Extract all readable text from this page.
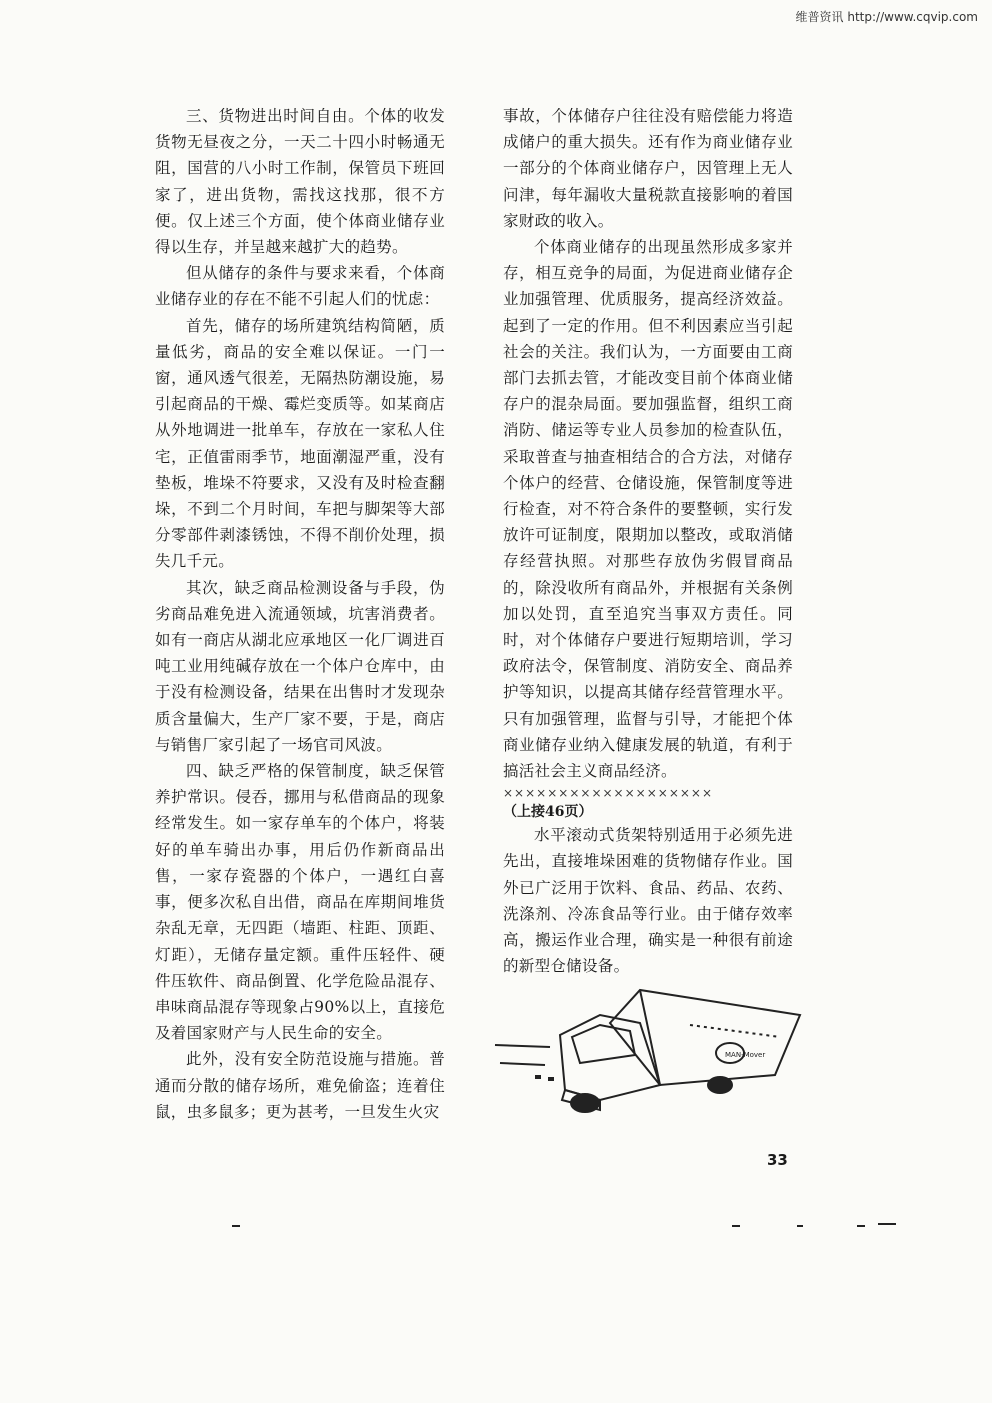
维普资讯 http://www.cqvip.com

三、货物进出时间自由。个体的收发货物无昼夜之分，一天二十四小时畅通无阻，国营的八小时工作制，保管员下班回家了，进出货物，需找这找那，很不方便。仅上述三个方面，使个体商业储存业得以生存，并呈越来越扩大的趋势。

但从储存的条件与要求来看，个体商业储存业的存在不能不引起人们的忧虑：

首先，储存的场所建筑结构简陋，质量低劣，商品的安全难以保证。一门一窗，通风透气很差，无隔热防潮设施，易引起商品的干燥、霉烂变质等。如某商店从外地调进一批单车，存放在一家私人住宅，正值雷雨季节，地面潮湿严重，没有垫板，堆垛不符要求，又没有及时检查翻垛，不到二个月时间，车把与脚架等大部分零部件剥漆锈蚀，不得不削价处理，损失几千元。

其次，缺乏商品检测设备与手段，伪劣商品难免进入流通领域，坑害消费者。如有一商店从湖北应承地区一化厂调进百吨工业用纯碱存放在一个体户仓库中，由于没有检测设备，结果在出售时才发现杂质含量偏大，生产厂家不要，于是，商店与销售厂家引起了一场官司风波。

四、缺乏严格的保管制度，缺乏保管养护常识。侵吞，挪用与私借商品的现象经常发生。如一家存单车的个体户，将装好的单车骑出办事，用后仍作新商品出售，一家存瓷器的个体户，一遇红白喜事，便多次私自出借，商品在库期间堆货杂乱无章，无四距（墙距、柱距、顶距、灯距），无储存量定额。重件压轻件、硬件压软件、商品倒置、化学危险品混存、串味商品混存等现象占90%以上，直接危及着国家财产与人民生命的安全。

此外，没有安全防范设施与措施。普通而分散的储存场所，难免偷盗；连着住鼠，虫多鼠多；更为甚考，一旦发生火灾

事故，个体储存户往往没有赔偿能力将造成储户的重大损失。还有作为商业储存业一部分的个体商业储存户，因管理上无人问津，每年漏收大量税款直接影响的着国家财政的收入。

个体商业储存的出现虽然形成多家并存，相互竞争的局面，为促进商业储存企业加强管理、优质服务，提高经济效益。起到了一定的作用。但不利因素应当引起社会的关注。我们认为，一方面要由工商部门去抓去管，才能改变目前个体商业储存户的混杂局面。要加强监督，组织工商消防、储运等专业人员参加的检查队伍，采取普查与抽查相结合的合方法，对储存个体户的经营、仓储设施，保管制度等进行检查，对不符合条件的要整顿，实行发放许可证制度，限期加以整改，或取消储存经营执照。对那些存放伪劣假冒商品的，除没收所有商品外，并根据有关条例加以处罚，直至追究当事双方责任。同时，对个体储存户要进行短期培训，学习政府法令，保管制度、消防安全、商品养护等知识，以提高其储存经营管理水平。只有加强管理，监督与引导，才能把个体商业储存业纳入健康发展的轨道，有利于搞活社会主义商品经济。

×××××××××××××××××××
（上接46页）

水平滚动式货架特别适用于必须先进先出，直接堆垛困难的货物储存作业。国外已广泛用于饮料、食品、药品、农药、洗涤剂、冷冻食品等行业。由于储存效率高，搬运作业合理，确实是一种很有前途的新型仓储设备。

MAN-Mover
33
